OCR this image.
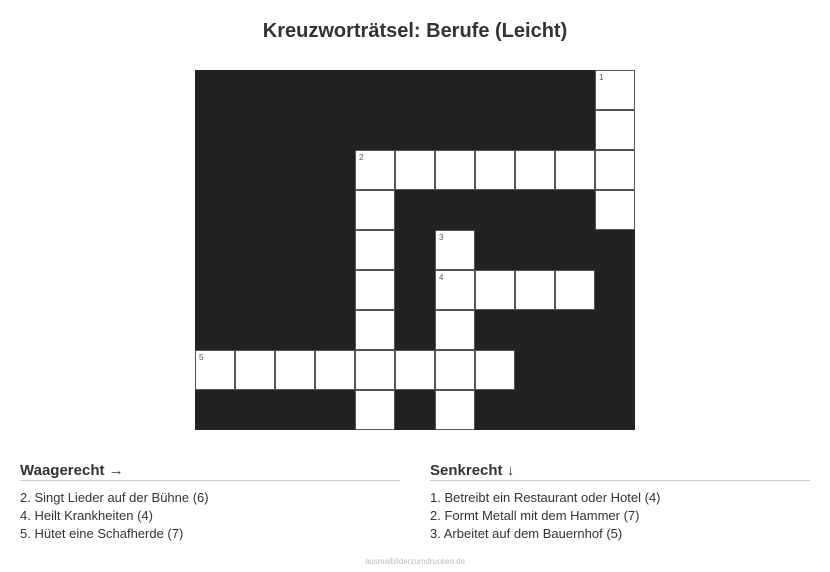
Kreuzworträtsel: Berufe (Leicht)
1
2
3
4
5
Waagerecht →
2. Singt Lieder auf der Bühne (6)
4. Heilt Krankheiten (4)
5. Hütet eine Schafherde (7)
Senkrecht ↓
1. Betreibt ein Restaurant oder Hotel (4)
2. Formt Metall mit dem Hammer (7)
3. Arbeitet auf dem Bauernhof (5)
ausmalbilderzumdrucken.de
